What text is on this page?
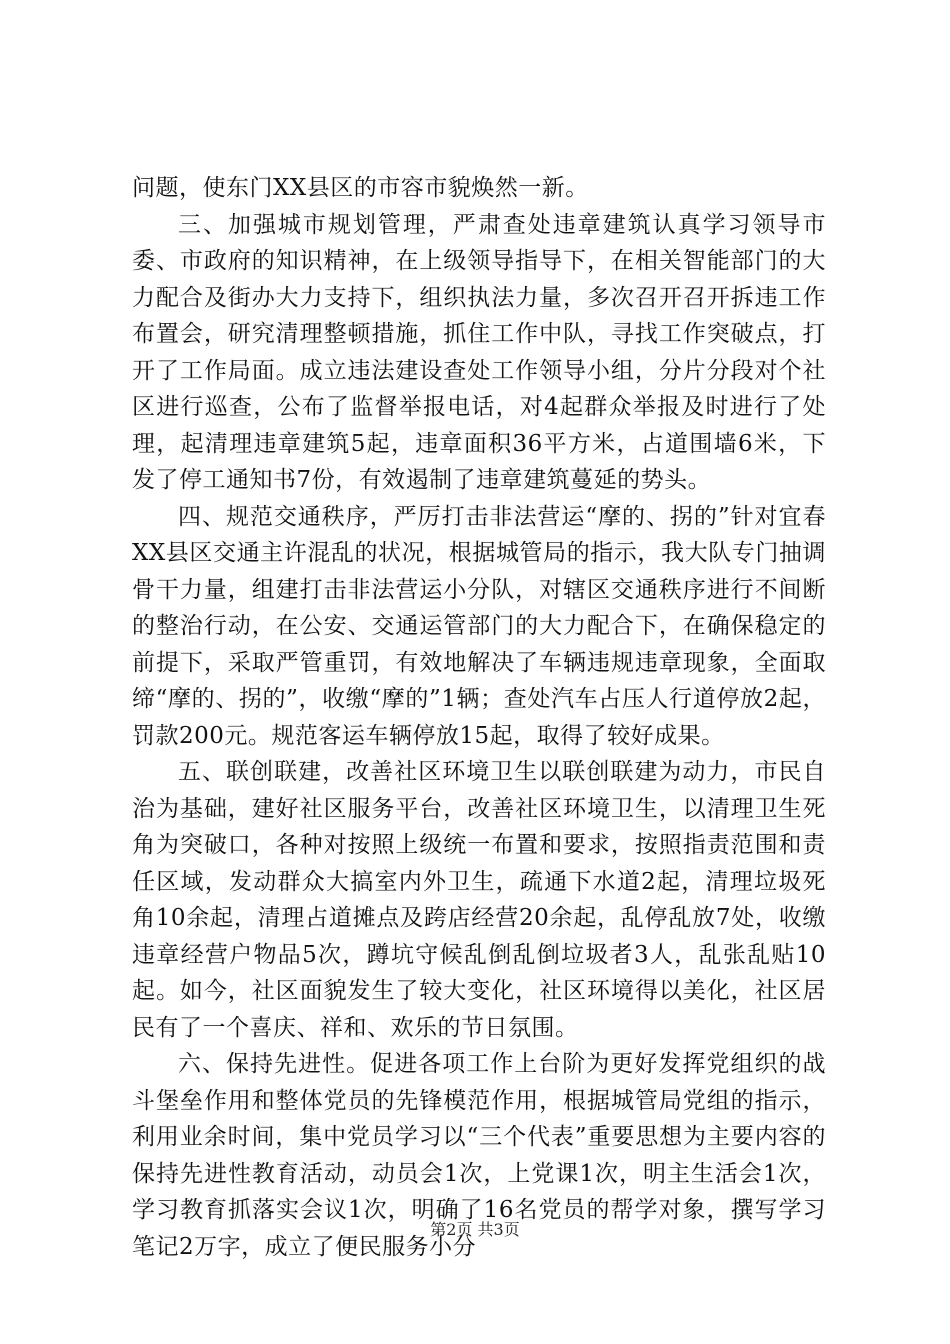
问题，使东门XX县区的市容市貌焕然一新。

三、加强城市规划管理，严肃查处违章建筑认真学习领导市委、市政府的知识精神，在上级领导指导下，在相关智能部门的大力配合及街办大力支持下，组织执法力量，多次召开召开拆违工作布置会，研究清理整顿措施，抓住工作中队，寻找工作突破点，打开了工作局面。成立违法建设查处工作领导小组，分片分段对个社区进行巡查，公布了监督举报电话，对4起群众举报及时进行了处理，起清理违章建筑5起，违章面积36平方米，占道围墙6米，下发了停工通知书7份，有效遏制了违章建筑蔓延的势头。

四、规范交通秩序，严厉打击非法营运“摩的、拐的”针对宜春XX县区交通主许混乱的状况，根据城管局的指示，我大队专门抽调骨干力量，组建打击非法营运小分队，对辖区交通秩序进行不间断的整治行动，在公安、交通运管部门的大力配合下，在确保稳定的前提下，采取严管重罚，有效地解决了车辆违规违章现象，全面取缔“摩的、拐的”，收缴“摩的”1辆；查处汽车占压人行道停放2起，罚款200元。规范客运车辆停放15起，取得了较好成果。

五、联创联建，改善社区环境卫生以联创联建为动力，市民自治为基础，建好社区服务平台，改善社区环境卫生，以清理卫生死角为突破口，各种对按照上级统一布置和要求，按照指责范围和责任区域，发动群众大搞室内外卫生，疏通下水道2起，清理垃圾死角10余起，清理占道摊点及跨店经营20余起，乱停乱放7处，收缴违章经营户物品5次，蹲坑守候乱倒乱倒垃圾者3人，乱张乱贴10起。如今，社区面貌发生了较大变化，社区环境得以美化，社区居民有了一个喜庆、祥和、欢乐的节日氛围。

六、保持先进性。促进各项工作上台阶为更好发挥党组织的战斗堡垒作用和整体党员的先锋模范作用，根据城管局党组的指示，利用业余时间，集中党员学习以“三个代表”重要思想为主要内容的保持先进性教育活动，动员会1次，上党课1次，明主生活会1次，学习教育抓落实会议1次，明确了16名党员的帮学对象，撰写学习笔记2万字，成立了便民服务小分

第2页 共3页
